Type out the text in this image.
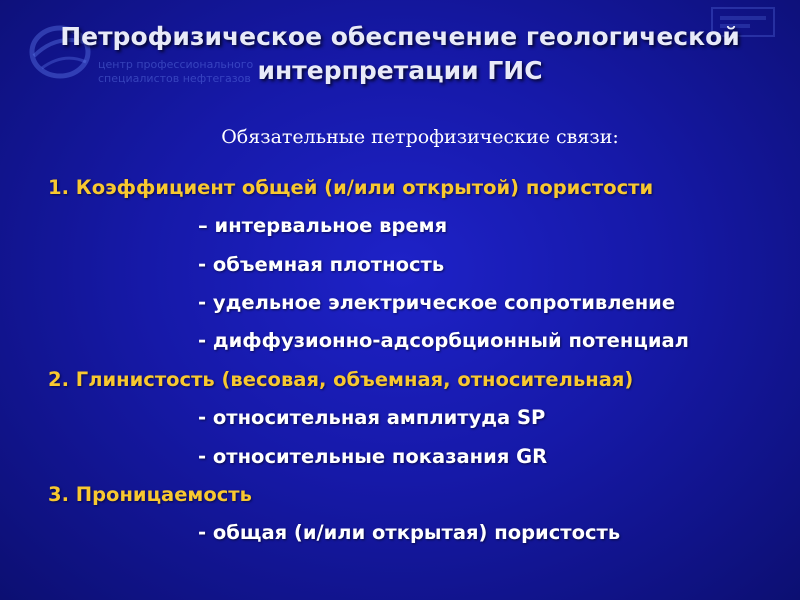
центр профессионального
специалистов нефтегазов
Петрофизическое обеспечение геологической
интерпретации ГИС
Обязательные петрофизические связи:
1. Коэффициент общей (и/или открытой) пористости
– интервальное время
- объемная плотность
- удельное электрическое сопротивление
- диффузионно-адсорбционный потенциал
2. Глинистость (весовая, объемная, относительная)
- относительная амплитуда SP
- относительные показания GR
3. Проницаемость
- общая (и/или открытая) пористость
